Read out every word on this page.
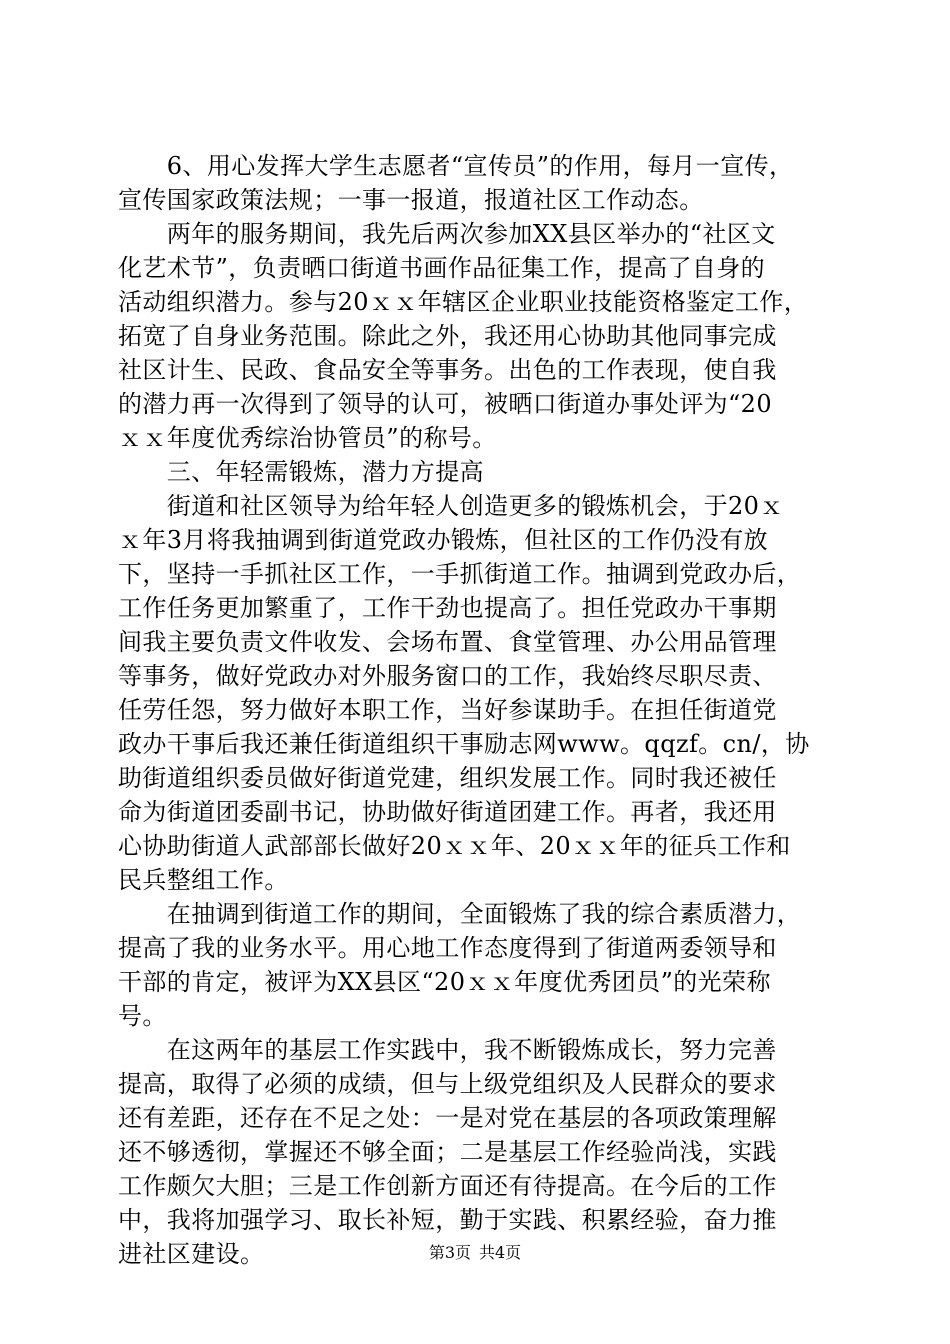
　　6、用心发挥大学生志愿者“宣传员”的作用，每月一宣传，
宣传国家政策法规；一事一报道，报道社区工作动态。
　　两年的服务期间，我先后两次参加XX县区举办的“社区文
化艺术节”，负责晒口街道书画作品征集工作，提高了自身的
活动组织潜力。参与20ｘｘ年辖区企业职业技能资格鉴定工作，
拓宽了自身业务范围。除此之外，我还用心协助其他同事完成
社区计生、民政、食品安全等事务。出色的工作表现，使自我
的潜力再一次得到了领导的认可，被晒口街道办事处评为“20
ｘｘ年度优秀综治协管员”的称号。
　　三、年轻需锻炼，潜力方提高
　　街道和社区领导为给年轻人创造更多的锻炼机会，于20ｘ
ｘ年3月将我抽调到街道党政办锻炼，但社区的工作仍没有放
下，坚持一手抓社区工作，一手抓街道工作。抽调到党政办后，
工作任务更加繁重了，工作干劲也提高了。担任党政办干事期
间我主要负责文件收发、会场布置、食堂管理、办公用品管理
等事务，做好党政办对外服务窗口的工作，我始终尽职尽责、
任劳任怨，努力做好本职工作，当好参谋助手。在担任街道党
政办干事后我还兼任街道组织干事励志网www。qqzf。cn/，协
助街道组织委员做好街道党建，组织发展工作。同时我还被任
命为街道团委副书记，协助做好街道团建工作。再者，我还用
心协助街道人武部部长做好20ｘｘ年、20ｘｘ年的征兵工作和
民兵整组工作。
　　在抽调到街道工作的期间，全面锻炼了我的综合素质潜力，
提高了我的业务水平。用心地工作态度得到了街道两委领导和
干部的肯定，被评为XX县区“20ｘｘ年度优秀团员”的光荣称
号。
　　在这两年的基层工作实践中，我不断锻炼成长，努力完善
提高，取得了必须的成绩，但与上级党组织及人民群众的要求
还有差距，还存在不足之处：一是对党在基层的各项政策理解
还不够透彻，掌握还不够全面；二是基层工作经验尚浅，实践
工作颇欠大胆；三是工作创新方面还有待提高。在今后的工作
中，我将加强学习、取长补短，勤于实践、积累经验，奋力推
进社区建设。	第3页 共4页
